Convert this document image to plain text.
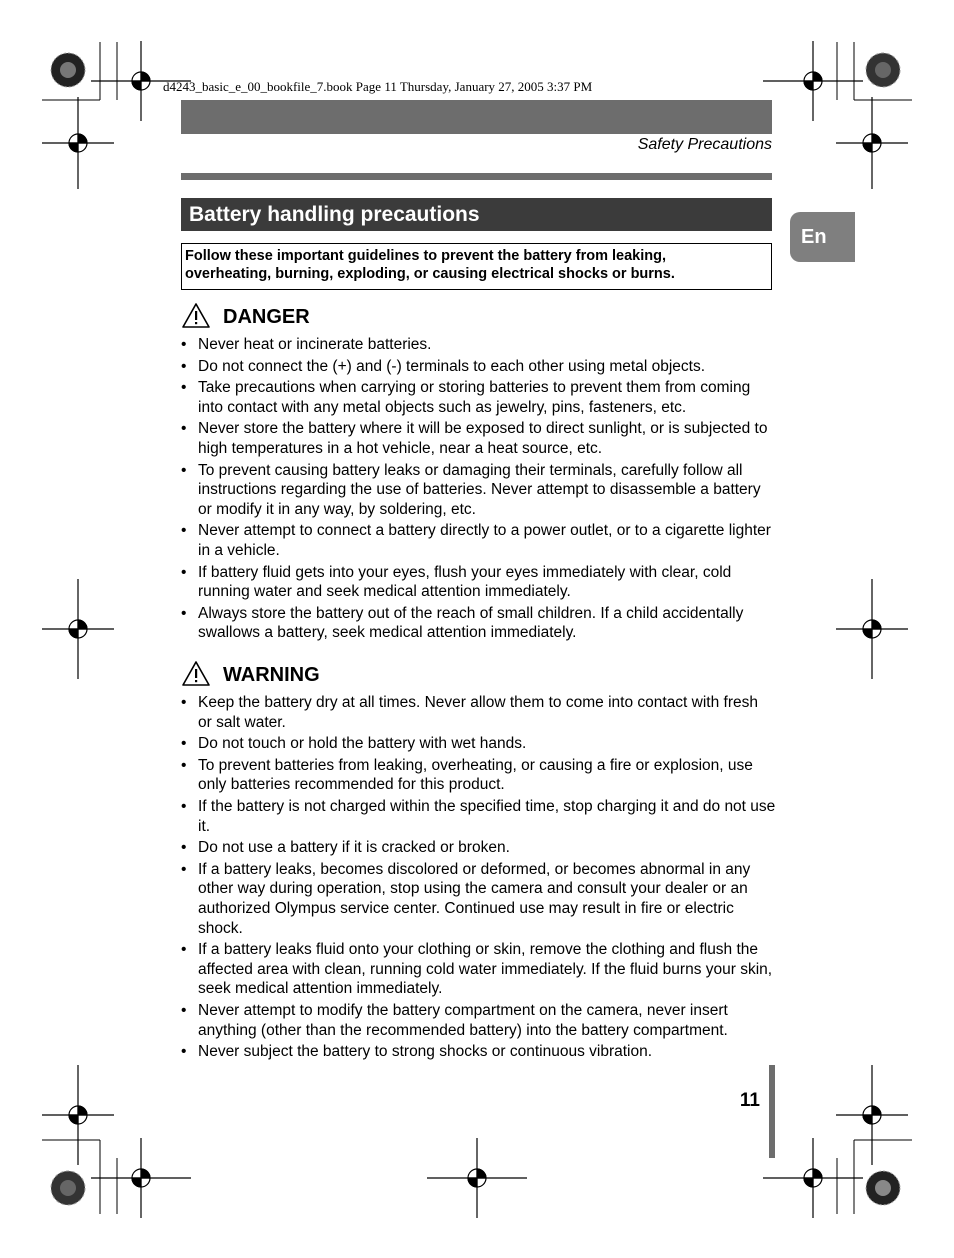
d4243_basic_e_00_bookfile_7.book Page 11 Thursday, January 27, 2005 3:37 PM
Safety Precautions
Battery handling precautions
En
Follow these important guidelines to prevent the battery from leaking,
overheating, burning, exploding, or causing electrical shocks or burns.
DANGER
• Never heat or incinerate batteries.
• Do not connect the (+) and (-) terminals to each other using metal objects.
• Take precautions when carrying or storing batteries to prevent them from coming into contact with any metal objects such as jewelry, pins, fasteners, etc.
• Never store the battery where it will be exposed to direct sunlight, or is subjected to high temperatures in a hot vehicle, near a heat source, etc.
• To prevent causing battery leaks or damaging their terminals, carefully follow all instructions regarding the use of batteries. Never attempt to disassemble a battery or modify it in any way, by soldering, etc.
• Never attempt to connect a battery directly to a power outlet, or to a cigarette lighter in a vehicle.
• If battery fluid gets into your eyes, flush your eyes immediately with clear, cold running water and seek medical attention immediately.
• Always store the battery out of the reach of small children. If a child accidentally swallows a battery, seek medical attention immediately.
WARNING
• Keep the battery dry at all times. Never allow them to come into contact with fresh or salt water.
• Do not touch or hold the battery with wet hands.
• To prevent batteries from leaking, overheating, or causing a fire or explosion, use only batteries recommended for this product.
• If the battery is not charged within the specified time, stop charging it and do not use it.
• Do not use a battery if it is cracked or broken.
• If a battery leaks, becomes discolored or deformed, or becomes abnormal in any other way during operation, stop using the camera and consult your dealer or an authorized Olympus service center. Continued use may result in fire or electric shock.
• If a battery leaks fluid onto your clothing or skin, remove the clothing and flush the affected area with clean, running cold water immediately. If the fluid burns your skin, seek medical attention immediately.
• Never attempt to modify the battery compartment on the camera, never insert anything (other than the recommended battery) into the battery compartment.
• Never subject the battery to strong shocks or continuous vibration.
11
